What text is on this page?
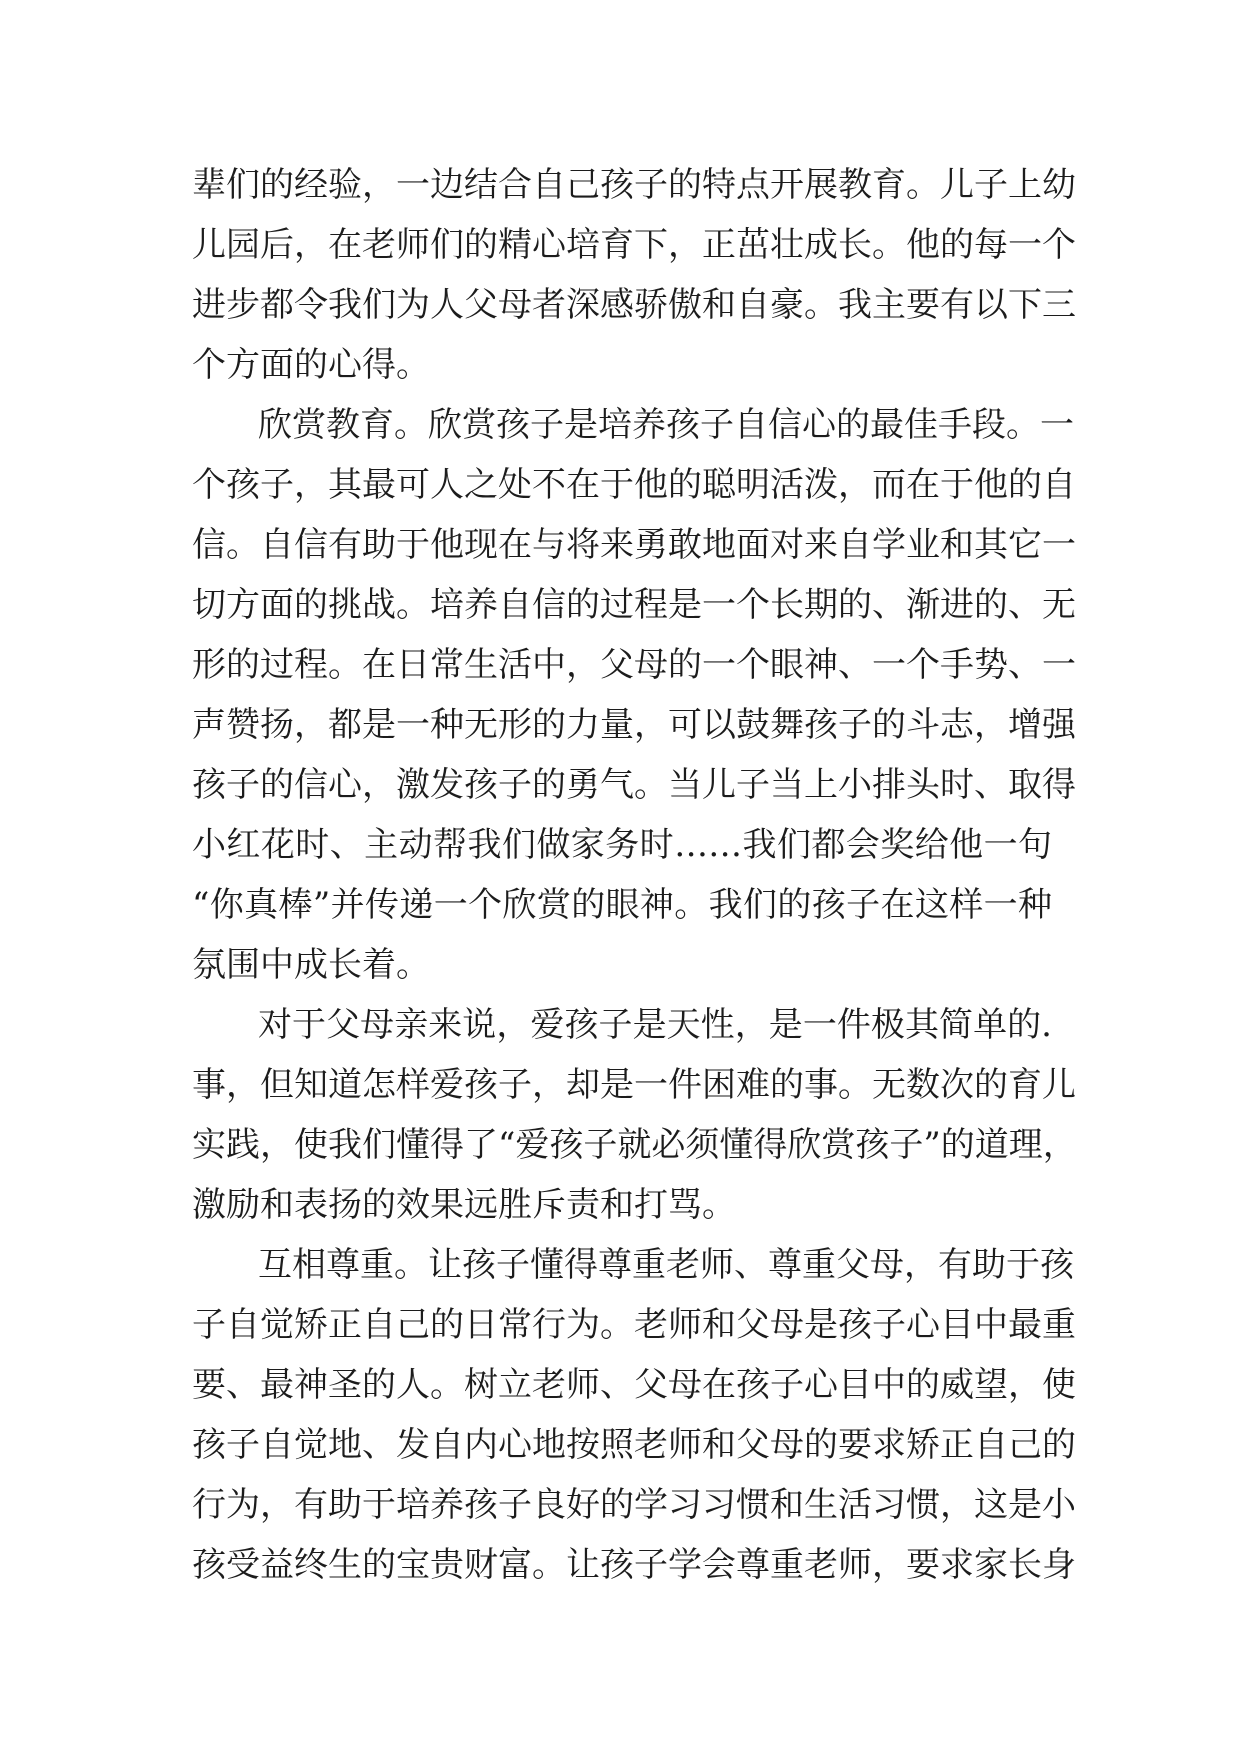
辈们的经验，一边结合自己孩子的特点开展教育。儿子上幼
儿园后，在老师们的精心培育下，正茁壮成长。他的每一个
进步都令我们为人父母者深感骄傲和自豪。我主要有以下三
个方面的心得。
欣赏教育。欣赏孩子是培养孩子自信心的最佳手段。一
个孩子，其最可人之处不在于他的聪明活泼，而在于他的自
信。自信有助于他现在与将来勇敢地面对来自学业和其它一
切方面的挑战。培养自信的过程是一个长期的、渐进的、无
形的过程。在日常生活中，父母的一个眼神、一个手势、一
声赞扬，都是一种无形的力量，可以鼓舞孩子的斗志，增强
孩子的信心，激发孩子的勇气。当儿子当上小排头时、取得
小红花时、主动帮我们做家务时……我们都会奖给他一句
“你真棒”并传递一个欣赏的眼神。我们的孩子在这样一种
氛围中成长着。
对于父母亲来说，爱孩子是天性，是一件极其简单的.
事，但知道怎样爱孩子，却是一件困难的事。无数次的育儿
实践，使我们懂得了“爱孩子就必须懂得欣赏孩子”的道理，
激励和表扬的效果远胜斥责和打骂。
互相尊重。让孩子懂得尊重老师、尊重父母，有助于孩
子自觉矫正自己的日常行为。老师和父母是孩子心目中最重
要、最神圣的人。树立老师、父母在孩子心目中的威望，使
孩子自觉地、发自内心地按照老师和父母的要求矫正自己的
行为，有助于培养孩子良好的学习习惯和生活习惯，这是小
孩受益终生的宝贵财富。让孩子学会尊重老师，要求家长身
